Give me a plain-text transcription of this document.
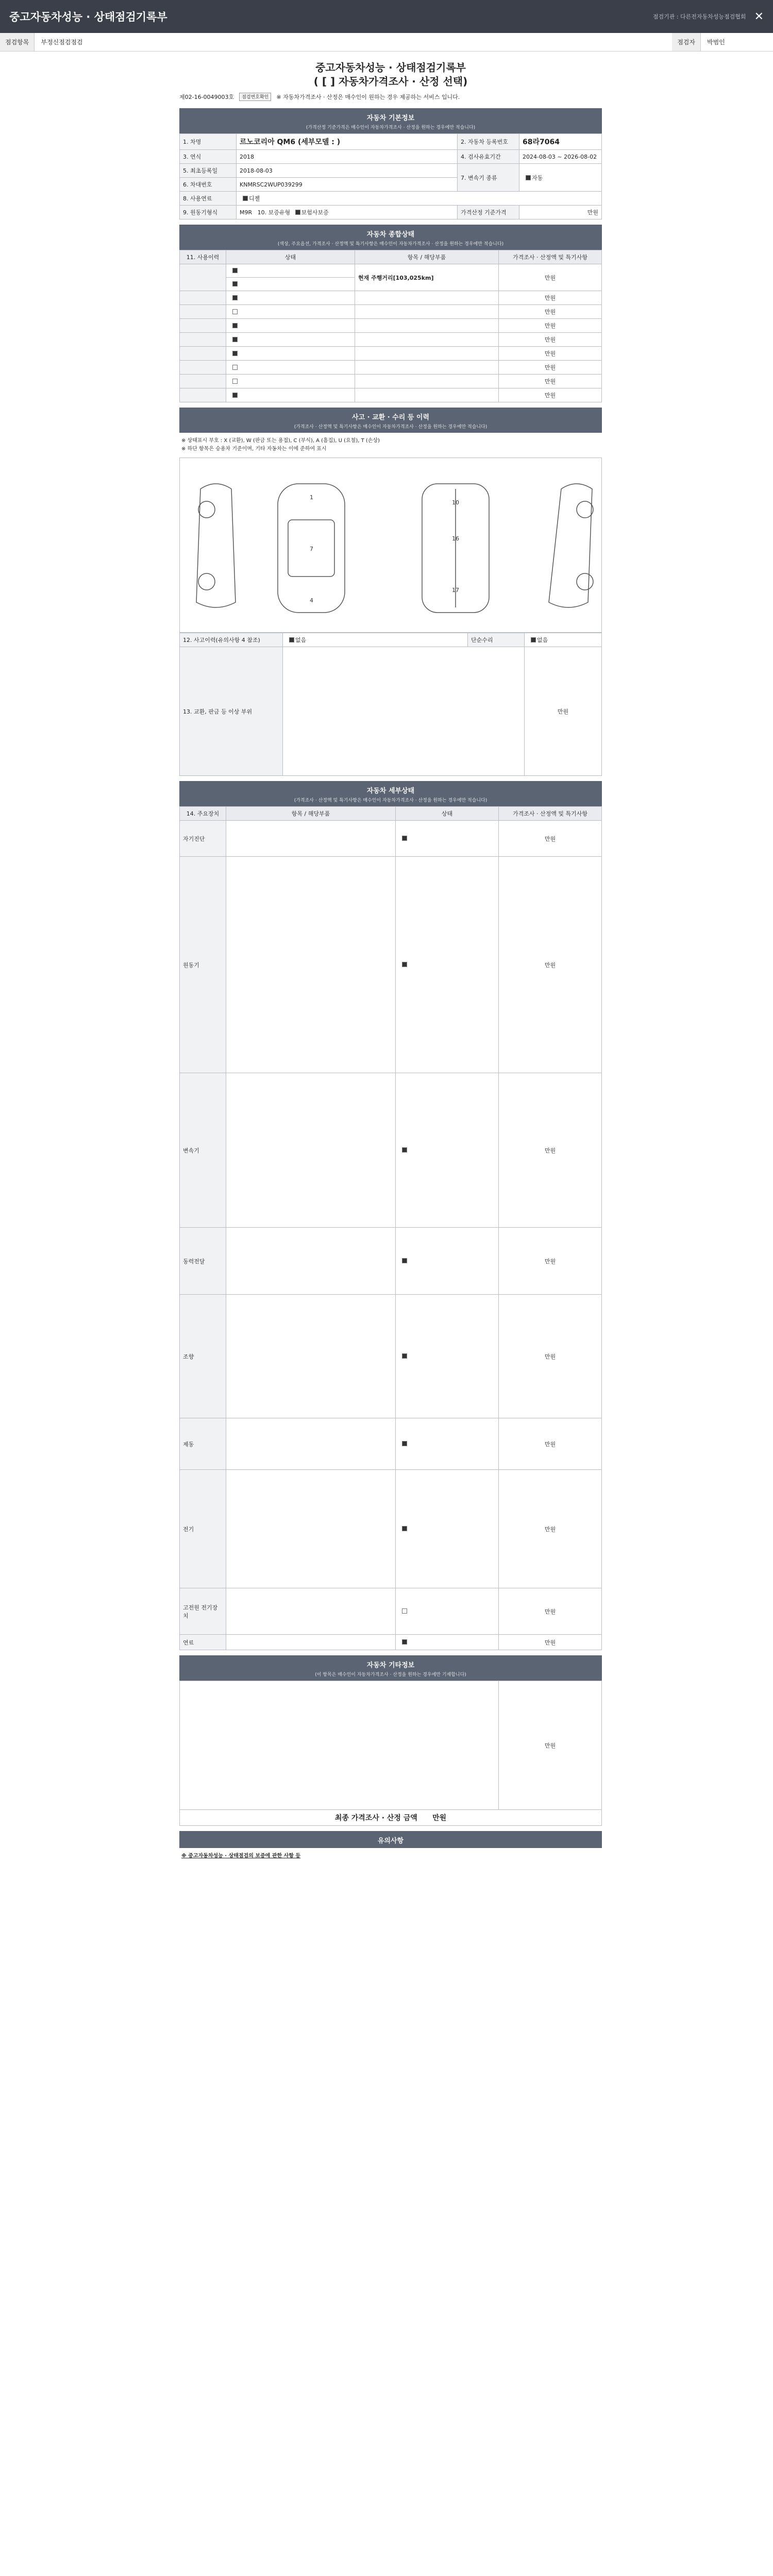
중고자동차성능 · 상태점검기록부	점검기관 : 다른전자동차성능점검협회 ✕
점검항목	부정신점검점검	점검자	박범인
중고자동차성능 · 상태점검기록부
( [ ] 자동차가격조사 · 산정 선택)
제02-16-0049003호	점검번호확인	※ 자동차가격조사 · 산정은 매수인이 원하는 경우 제공하는 서비스 입니다.
자동차 기본정보
(가격산정 기준가격은 매수인이 자동차가격조사 · 산정을 원하는 경우에만 적습니다)
1. 차명	르노코리아 QM6 (세부모델 : )	2. 자동차 등록번호	68라7064
3. 연식	2018	4. 검사유효기간	2024-08-03 ~ 2026-08-02
5. 최초등록일	2018-08-03	7. 변속기 종류	자동
6. 차대번호	KNMRSC2WUP039299		
8. 사용연료	디젤		
9. 원동기형식	M9R 10. 보증유형 보험사보증	가격산정 기준가격	만원
자동차 종합상태
(색상, 주요옵션, 가격조사 · 산정액 및 특기사항은 매수인이 자동차가격조사 · 산정을 원하는 경우에만 적습니다)
11. 사용이력	상태	항목 / 해당부품	가격조사 · 산정액 및 특기사항
		현재 주행거리[103,025km]	만원

			만원
			만원
			만원
			만원
			만원
			만원
			만원
			만원
사고 · 교환 · 수리 등 이력
(가격조사 · 산정액 및 특기사항은 매수인이 자동차가격조사 · 산정을 원하는 경우에만 적습니다)
※ 상태표시 부호 : X (교환), W (판금 또는 용접), C (부식), A (흠집), U (요철), T (손상)
※ 하단 항목은 승용차 기준이며, 기타 자동차는 이에 준하여 표시
1
7
4
10
16
17
12. 사고이력(유의사항 4 참조)	없음	단순수리	없음
13. 교환, 판금 등 이상 부위			만원
자동차 세부상태
(가격조사 · 산정액 및 특기사항은 매수인이 자동차가격조사 · 산정을 원하는 경우에만 적습니다)
14. 주요장치	항목 / 해당부품	상태	가격조사 · 산정액 및 특기사항
자기진단			만원
원동기			만원
변속기			만원
동력전달			만원
조향			만원
제동			만원
전기			만원
고전원 전기장치			만원
연료			만원
자동차 기타정보
(이 항목은 매수인이 자동차가격조사 · 산정을 원하는 경우에만 기재합니다)
	만원
최종 가격조사 · 산정 금액 만원
유의사항
※ 중고자동차성능 · 상태점검의 보증에 관한 사항 등
